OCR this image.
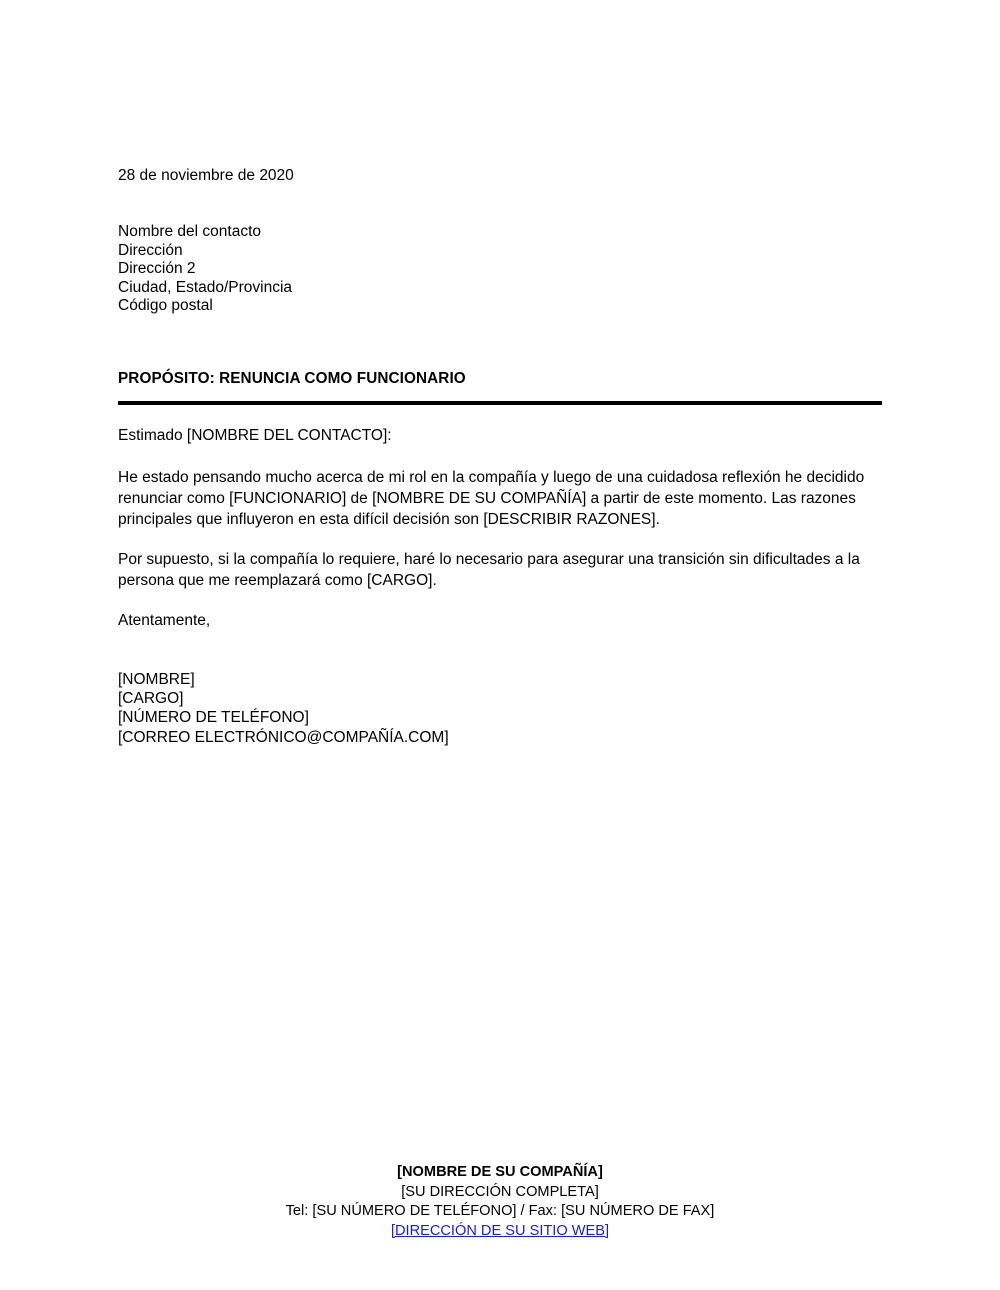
28 de noviembre de 2020
Nombre del contacto
Dirección
Dirección 2
Ciudad, Estado/Provincia
Código postal
PROPÓSITO: RENUNCIA COMO FUNCIONARIO

Estimado [NOMBRE DEL CONTACTO]:

He estado pensando mucho acerca de mi rol en la compañía y luego de una cuidadosa reflexión he decidido renunciar como [FUNCIONARIO] de [NOMBRE DE SU COMPAÑÍA] a partir de este momento. Las razones principales que influyeron en esta difícil decisión son [DESCRIBIR RAZONES].

Por supuesto, si la compañía lo requiere, haré lo necesario para asegurar una transición sin dificultades a la persona que me reemplazará como [CARGO].

Atentamente,

[NOMBRE]
[CARGO]
[NÚMERO DE TELÉFONO]
[CORREO ELECTRÓNICO@COMPAÑÍA.COM]
[NOMBRE DE SU COMPAÑÍA]
[SU DIRECCIÓN COMPLETA]
Tel: [SU NÚMERO DE TELÉFONO] / Fax: [SU NÚMERO DE FAX]
[DIRECCIÓN DE SU SITIO WEB]
